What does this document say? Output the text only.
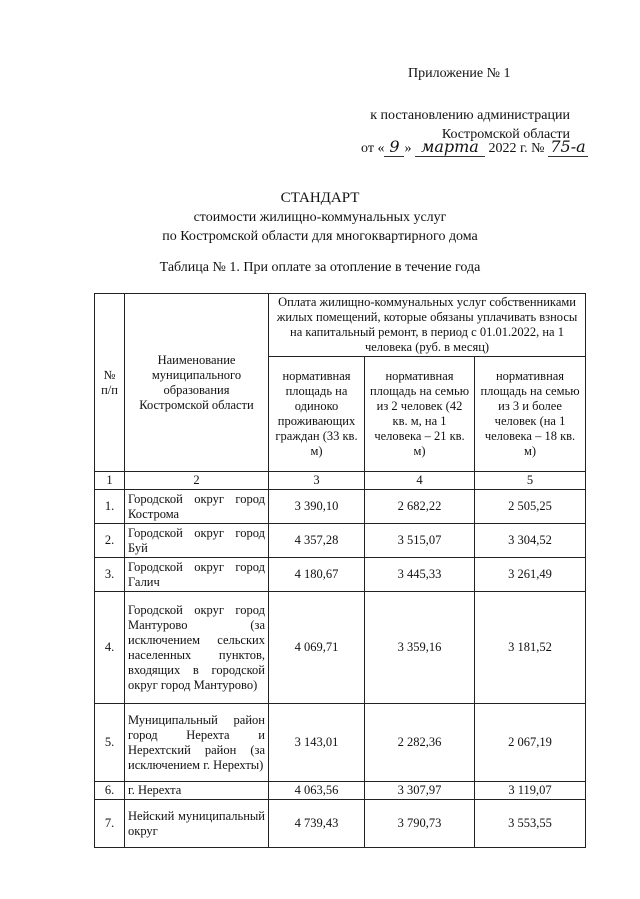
Приложение № 1
к постановлению администрации
Костромской области
от « 9 » марта 2022 г. № 75-а
СТАНДАРТ
стоимости жилищно-коммунальных услуг
по Костромской области для многоквартирного дома
Таблица № 1. При оплате за отопление в течение года
№ п/п	Наименование муниципального образования Костромской области	Оплата жилищно-коммунальных услуг собственниками жилых помещений, которые обязаны уплачивать взносы на капитальный ремонт, в период с 01.01.2022, на 1 человека (руб. в месяц)		
		нормативная площадь на одиноко проживающих граждан (33 кв. м)	нормативная площадь на семью из 2 человек (42 кв. м, на 1 человека – 21 кв. м)	нормативная площадь на семью из 3 и более человек (на 1 человека – 18 кв. м)
1	2	3	4	5
1.	Городской округ город Кострома	3 390,10	2 682,22	2 505,25
2.	Городской округ город Буй	4 357,28	3 515,07	3 304,52
3.	Городской округ город Галич	4 180,67	3 445,33	3 261,49
4.	Городской округ город Мантурово (за исключением сельских населенных пунктов, входящих в городской округ город Мантурово)	4 069,71	3 359,16	3 181,52
5.	Муниципальный район город Нерехта и Нерехтский район (за исключением г. Нерехты)	3 143,01	2 282,36	2 067,19
6.	г. Нерехта	4 063,56	3 307,97	3 119,07
7.	Нейский муниципальный округ	4 739,43	3 790,73	3 553,55
